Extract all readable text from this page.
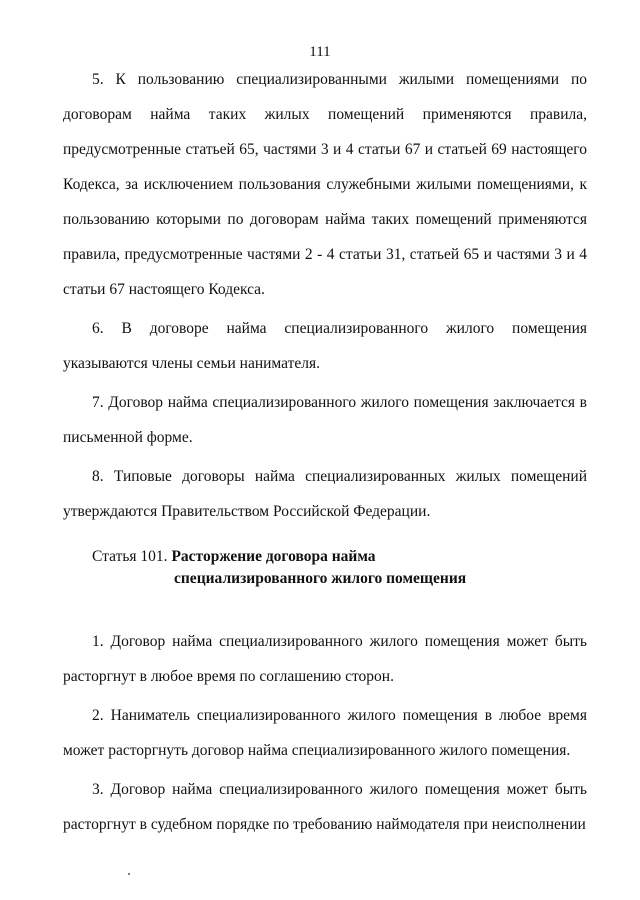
111

5. К пользованию специализированными жилыми помещениями по договорам найма таких жилых помещений применяются правила, предусмотренные статьей 65, частями 3 и 4 статьи 67 и статьей 69 настоящего Кодекса, за исключением пользования служебными жилыми помещениями, к пользованию которыми по договорам найма таких помещений применяются правила, предусмотренные частями 2 - 4 статьи 31, статьей 65 и частями 3 и 4 статьи 67 настоящего Кодекса.

6. В договоре найма специализированного жилого помещения указываются члены семьи нанимателя.

7. Договор найма специализированного жилого помещения заключается в письменной форме.

8. Типовые договоры найма специализированных жилых помещений утверждаются Правительством Российской Федерации.

Статья 101. Расторжение договора найма
специализированного жилого помещения

1. Договор найма специализированного жилого помещения может быть расторгнут в любое время по соглашению сторон.

2. Наниматель специализированного жилого помещения в любое время может расторгнуть договор найма специализированного жилого помещения.

3. Договор найма специализированного жилого помещения может быть расторгнут в судебном порядке по требованию наймодателя при неисполнении
